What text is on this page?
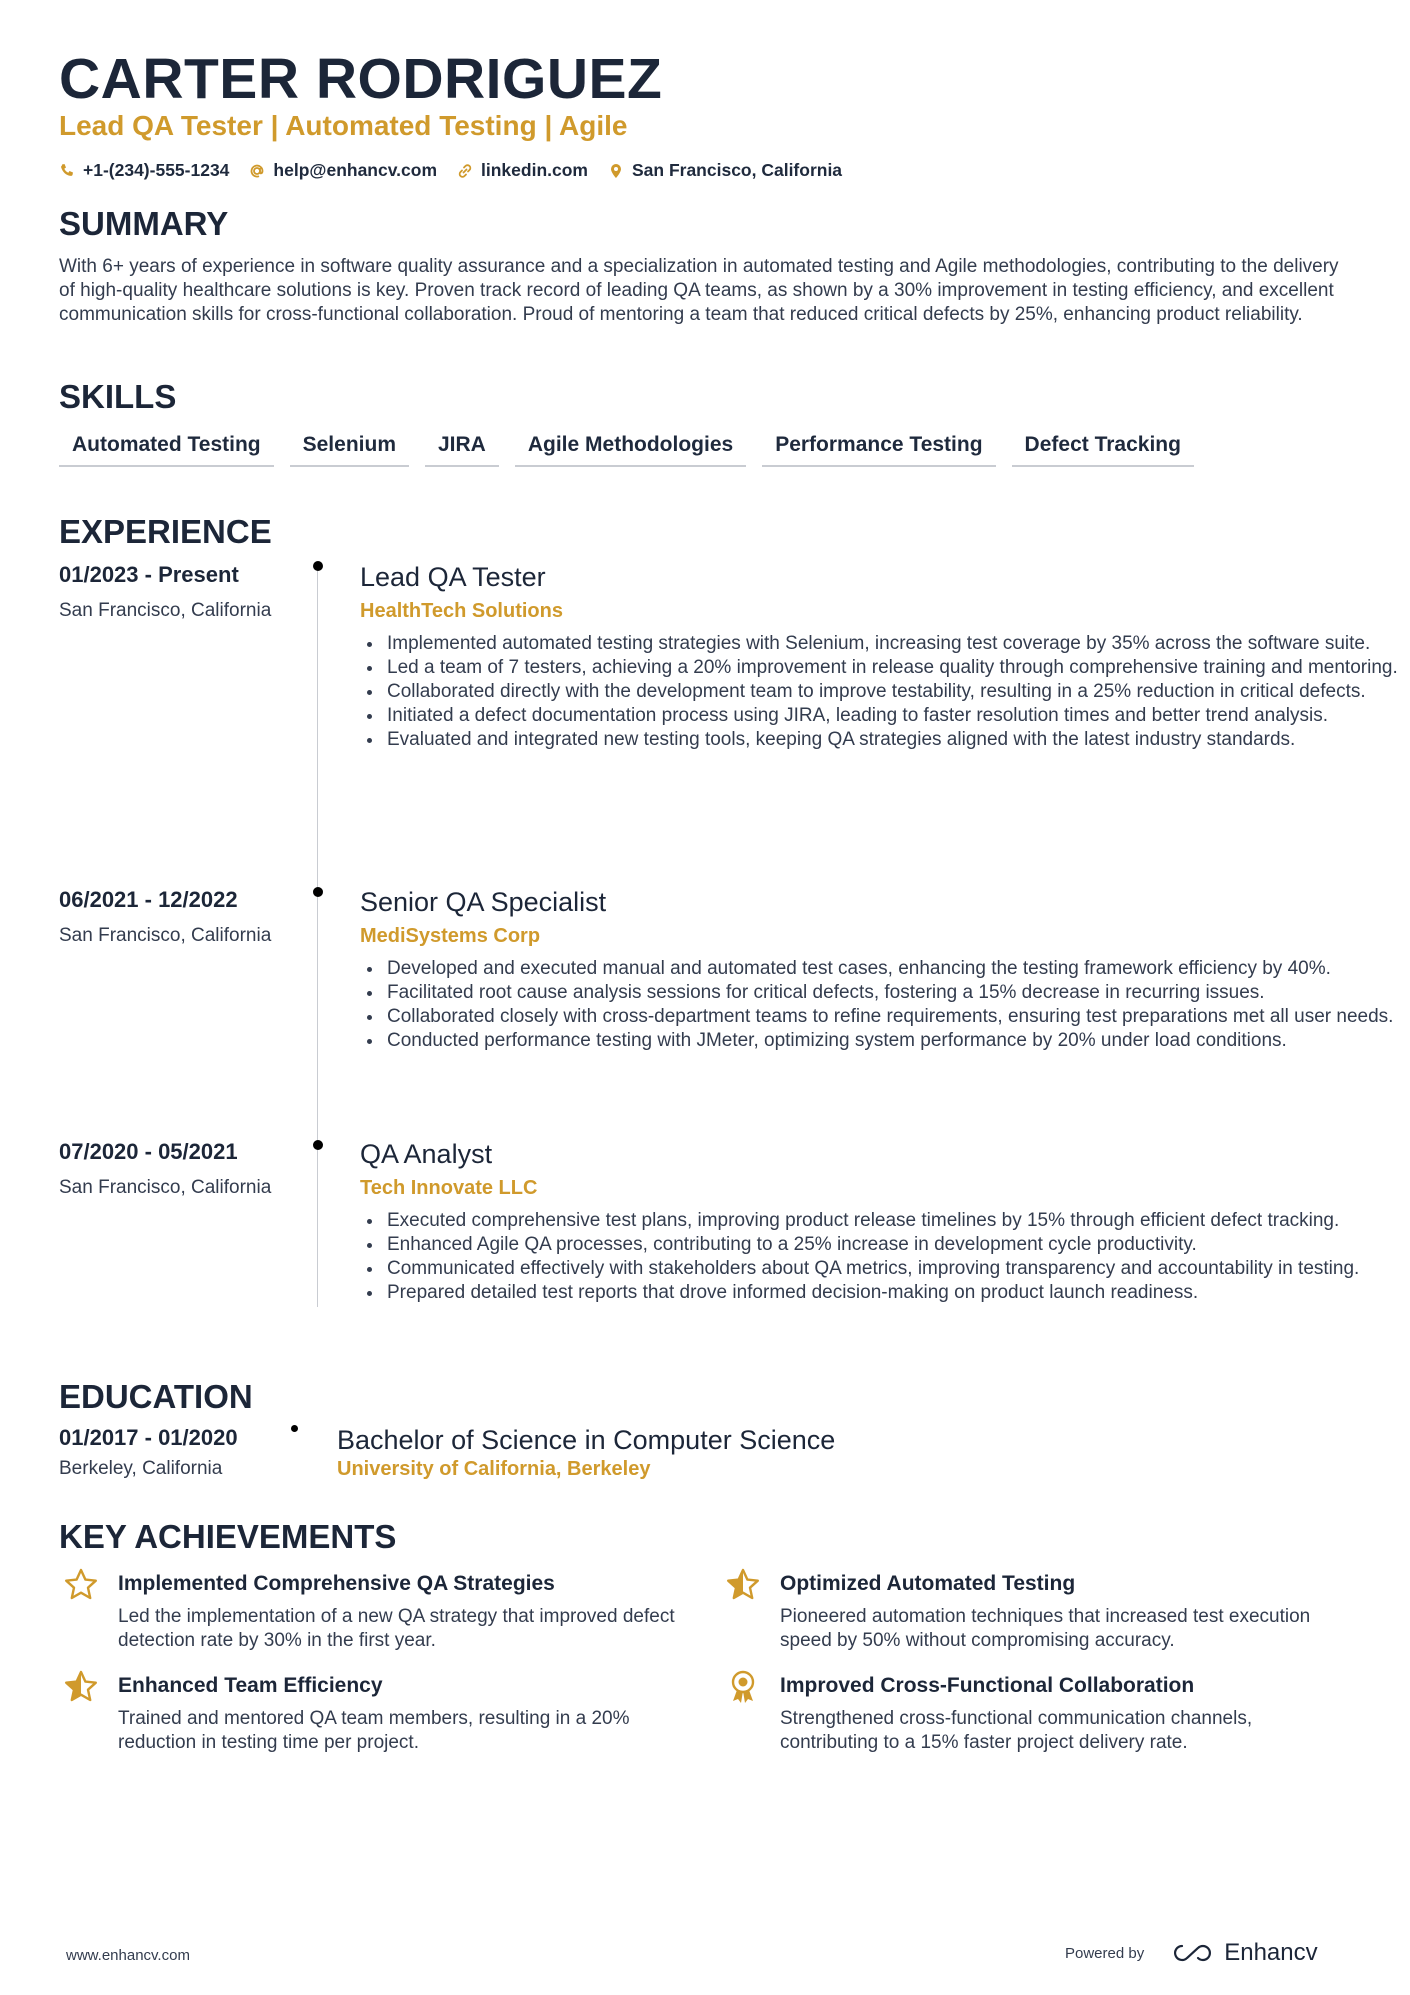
CARTER RODRIGUEZ
Lead QA Tester | Automated Testing | Agile
+1-(234)-555-1234	help@enhancv.com	linkedin.com	San Francisco, California
SUMMARY
With 6+ years of experience in software quality assurance and a specialization in automated testing and Agile methodologies, contributing to the delivery of high-quality healthcare solutions is key. Proven track record of leading QA teams, as shown by a 30% improvement in testing efficiency, and excellent communication skills for cross-functional collaboration. Proud of mentoring a team that reduced critical defects by 25%, enhancing product reliability.
SKILLS
Automated Testing	Selenium	JIRA	Agile Methodologies	Performance Testing	Defect Tracking
EXPERIENCE
01/2023 - Present
San Francisco, California
Lead QA Tester
HealthTech Solutions
Implemented automated testing strategies with Selenium, increasing test coverage by 35% across the software suite.
Led a team of 7 testers, achieving a 20% improvement in release quality through comprehensive training and mentoring.
Collaborated directly with the development team to improve testability, resulting in a 25% reduction in critical defects.
Initiated a defect documentation process using JIRA, leading to faster resolution times and better trend analysis.
Evaluated and integrated new testing tools, keeping QA strategies aligned with the latest industry standards.
06/2021 - 12/2022
San Francisco, California
Senior QA Specialist
MediSystems Corp
Developed and executed manual and automated test cases, enhancing the testing framework efficiency by 40%.
Facilitated root cause analysis sessions for critical defects, fostering a 15% decrease in recurring issues.
Collaborated closely with cross-department teams to refine requirements, ensuring test preparations met all user needs.
Conducted performance testing with JMeter, optimizing system performance by 20% under load conditions.
07/2020 - 05/2021
San Francisco, California
QA Analyst
Tech Innovate LLC
Executed comprehensive test plans, improving product release timelines by 15% through efficient defect tracking.
Enhanced Agile QA processes, contributing to a 25% increase in development cycle productivity.
Communicated effectively with stakeholders about QA metrics, improving transparency and accountability in testing.
Prepared detailed test reports that drove informed decision-making on product launch readiness.
EDUCATION
01/2017 - 01/2020
Berkeley, California
Bachelor of Science in Computer Science
University of California, Berkeley
KEY ACHIEVEMENTS
Implemented Comprehensive QA Strategies
Led the implementation of a new QA strategy that improved defect detection rate by 30% in the first year.
Optimized Automated Testing
Pioneered automation techniques that increased test execution speed by 50% without compromising accuracy.
Enhanced Team Efficiency
Trained and mentored QA team members, resulting in a 20% reduction in testing time per project.
Improved Cross-Functional Collaboration
Strengthened cross-functional communication channels, contributing to a 15% faster project delivery rate.
www.enhancv.com	Powered by	Enhancv
